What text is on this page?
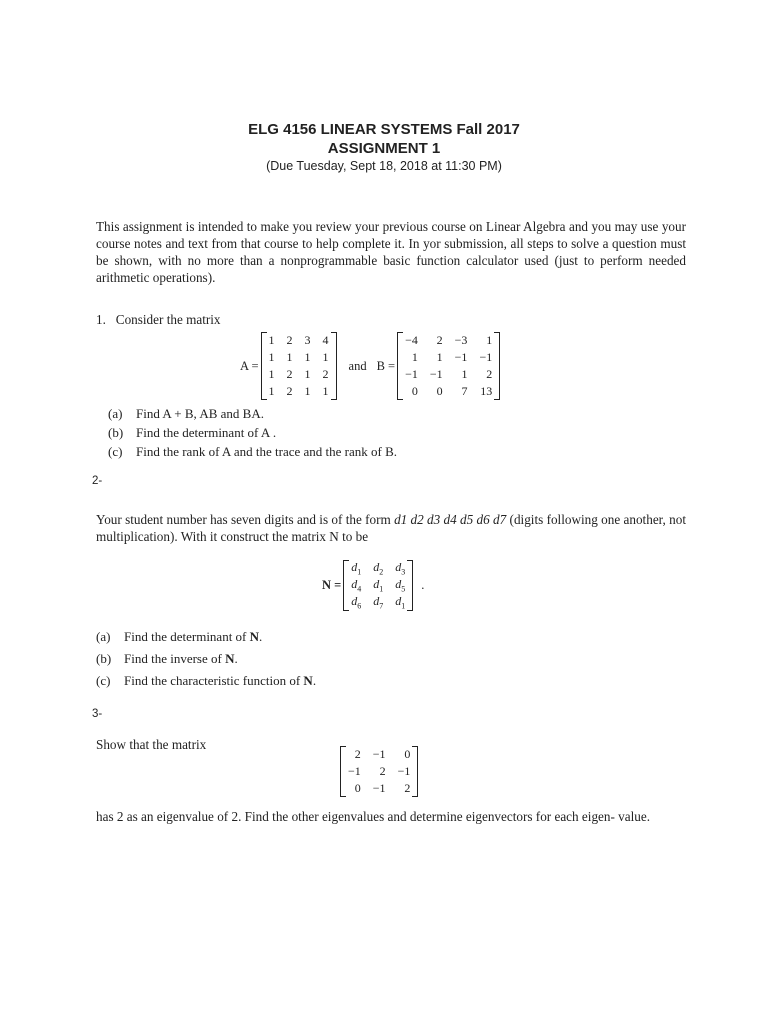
ELG 4156 LINEAR SYSTEMS Fall 2017
ASSIGNMENT 1
(Due Tuesday, Sept 18, 2018 at 11:30 PM)
This assignment is intended to make you review your previous course on Linear Algebra and you may use your course notes and text from that course to help complete it. In yor submission, all steps to solve a question must be shown, with no more than a nonprogrammable basic function calculator used (just to perform needed arithmetic operations).
1. Consider the matrix
A =
1	2	3	4
1	1	1	1
1	2	1	2
1	2	1	1
and B =
−4	2	−3	1
1	1	−1	−1
−1	−1	1	2
0	0	7	13
(a) Find A + B, AB and BA.
(b) Find the determinant of A .
(c) Find the rank of A and the trace and the rank of B.
2-
Your student number has seven digits and is of the form d1 d2 d3 d4 d5 d6 d7 (digits following one another, not multiplication). With it construct the matrix N to be
N =
$d_1$	$d_2$	$d_3$
$d_4$	$d_1$	$d_5$
$d_6$	$d_7$	$d_1$
.
(a) Find the determinant of N.
(b) Find the inverse of N.
(c) Find the characteristic function of N.
3-
Show that the matrix
2	−1	0
−1	2	−1
0	−1	2
has 2 as an eigenvalue of 2. Find the other eigenvalues and determine eigenvectors for each eigen- value.
